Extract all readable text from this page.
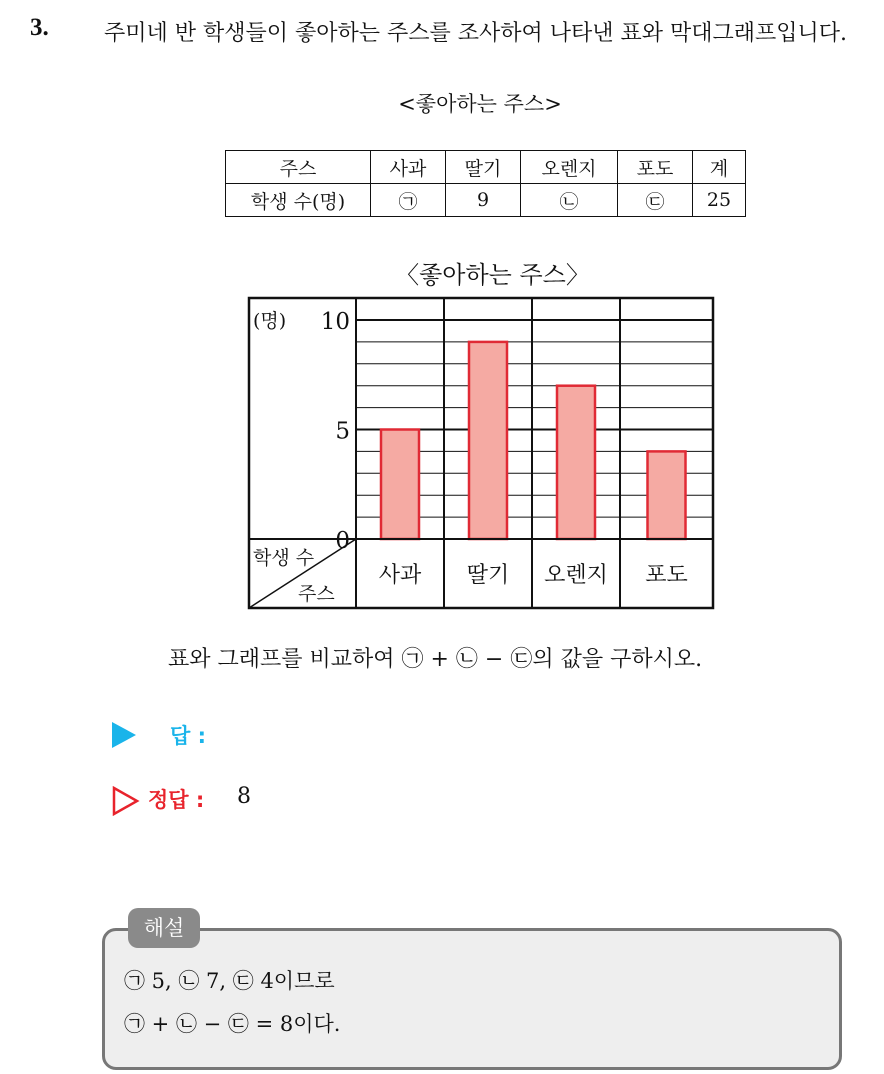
3.	주미네 반 학생들이 좋아하는 주스를 조사하여 나타낸 표와 막대그래프입니다.
<좋아하는 주스>
주스	사과	딸기	오렌지	포도	계
학생 수(명)	㉠	9	㉡	㉢	25
〈좋아하는 주스〉
학생 수
주스
(명)
0
5
10
사과 딸기 오렌지 포도
표와 그래프를 비교하여 ㉠ + ㉡ − ㉢의 값을 구하시오.
답 :
정답 : 8
해설
㉠ 5, ㉡ 7, ㉢ 4이므로
㉠ + ㉡ − ㉢ = 8이다.
